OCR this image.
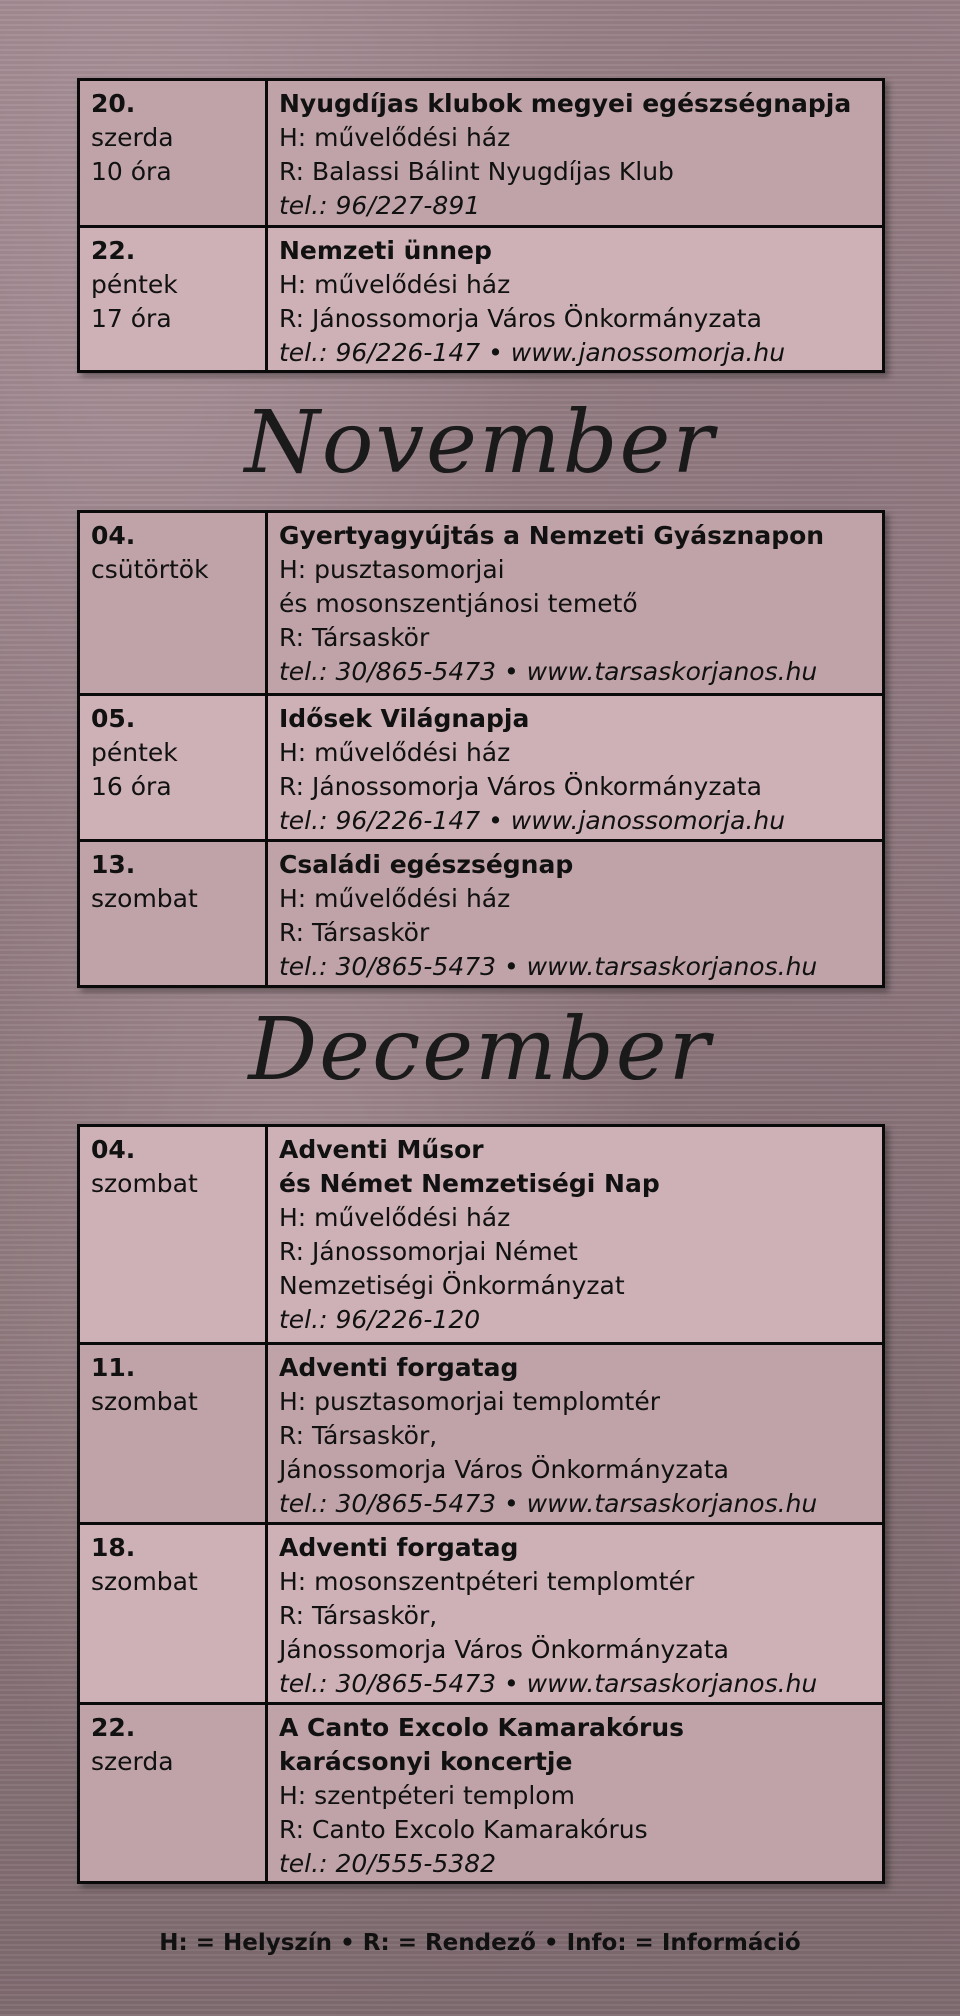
20.
szerda
10 óra
Nyugdíjas klubok megyei egészségnapja
H: művelődési ház
R: Balassi Bálint Nyugdíjas Klub
tel.: 96/227-891
22.
péntek
17 óra
Nemzeti ünnep
H: művelődési ház
R: Jánossomorja Város Önkormányzata
tel.: 96/226-147 • www.janossomorja.hu
November
04.
csütörtök
Gyertyagyújtás a Nemzeti Gyásznapon
H: pusztasomorjai
és mosonszentjánosi temető
R: Társaskör
tel.: 30/865-5473 • www.tarsaskorjanos.hu
05.
péntek
16 óra
Idősek Világnapja
H: művelődési ház
R: Jánossomorja Város Önkormányzata
tel.: 96/226-147 • www.janossomorja.hu
13.
szombat
Családi egészségnap
H: művelődési ház
R: Társaskör
tel.: 30/865-5473 • www.tarsaskorjanos.hu
December
04.
szombat
Adventi Műsor
és Német Nemzetiségi Nap
H: művelődési ház
R: Jánossomorjai Német
Nemzetiségi Önkormányzat
tel.: 96/226-120
11.
szombat
Adventi forgatag
H: pusztasomorjai templomtér
R: Társaskör,
Jánossomorja Város Önkormányzata
tel.: 30/865-5473 • www.tarsaskorjanos.hu
18.
szombat
Adventi forgatag
H: mosonszentpéteri templomtér
R: Társaskör,
Jánossomorja Város Önkormányzata
tel.: 30/865-5473 • www.tarsaskorjanos.hu
22.
szerda
A Canto Excolo Kamarakórus
karácsonyi koncertje
H: szentpéteri templom
R: Canto Excolo Kamarakórus
tel.: 20/555-5382
H: = Helyszín • R: = Rendező • Info: = Információ
